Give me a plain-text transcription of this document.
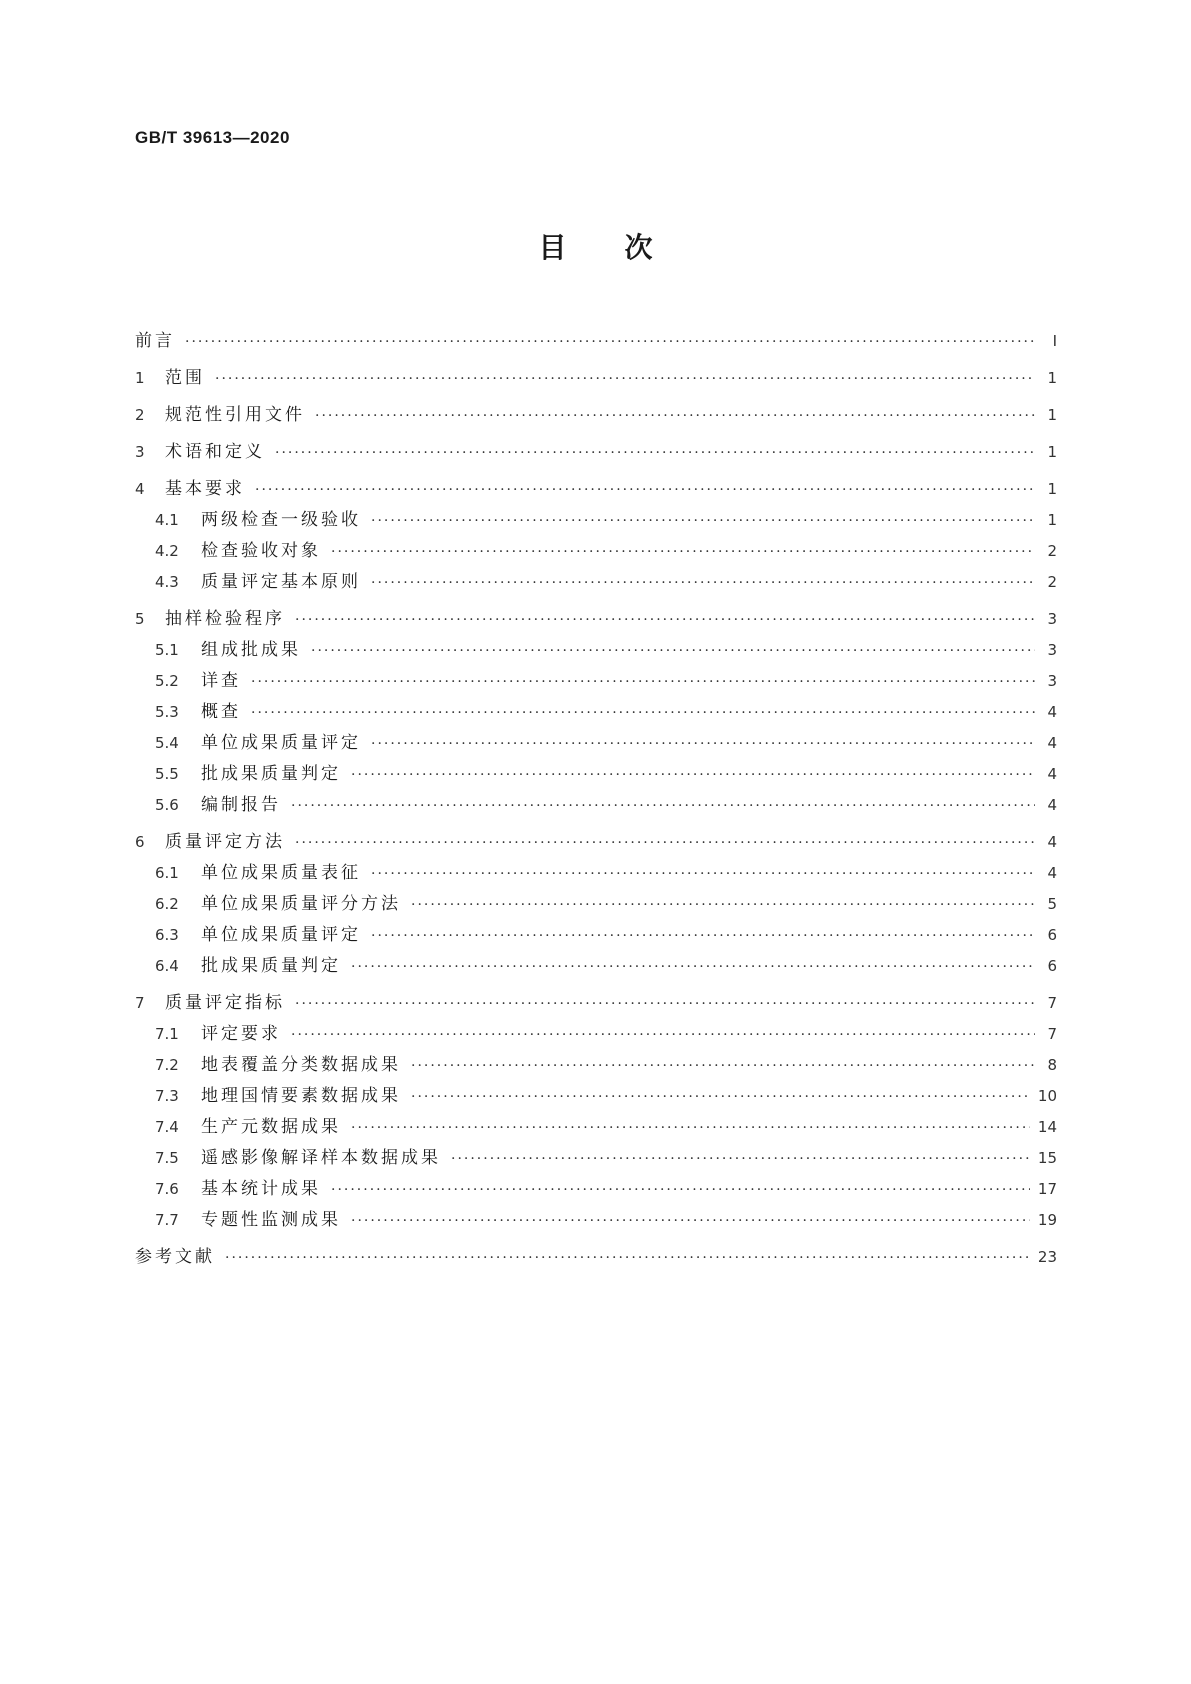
GB/T 39613—2020
目次
前言 ·····	Ⅰ
1	范围 ·····	1
2	规范性引用文件 ·····	1
3	术语和定义 ·····	1
4	基本要求 ·····	1
4.1	两级检查一级验收 ·····	1
4.2	检查验收对象 ·····	2
4.3	质量评定基本原则 ·····	2
5	抽样检验程序 ·····	3
5.1	组成批成果 ·····	3
5.2	详查 ·····	3
5.3	概查 ·····	4
5.4	单位成果质量评定 ·····	4
5.5	批成果质量判定 ·····	4
5.6	编制报告 ·····	4
6	质量评定方法 ·····	4
6.1	单位成果质量表征 ·····	4
6.2	单位成果质量评分方法 ·····	5
6.3	单位成果质量评定 ·····	6
6.4	批成果质量判定 ·····	6
7	质量评定指标 ·····	7
7.1	评定要求 ·····	7
7.2	地表覆盖分类数据成果 ·····	8
7.3	地理国情要素数据成果 ·····	10
7.4	生产元数据成果 ·····	14
7.5	遥感影像解译样本数据成果 ·····	15
7.6	基本统计成果 ·····	17
7.7	专题性监测成果 ·····	19
参考文献 ·····	23
